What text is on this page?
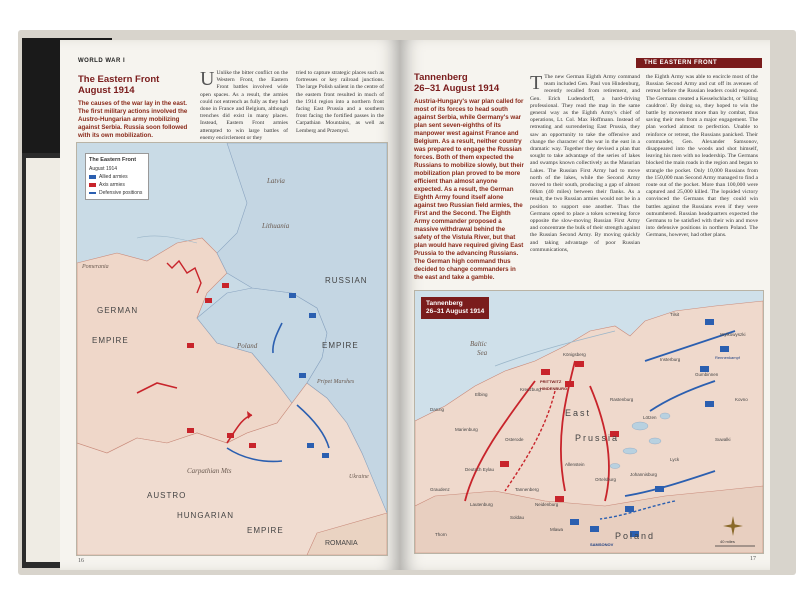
WORLD WAR I
The Eastern Front
August 1914
The causes of the war lay in the east. The first military actions involved the Austro-Hungarian army mobilizing against Serbia. Russia soon followed with its own mobilization.
U Unlike the bitter conflict on the Western Front, the Eastern Front battles involved wide open spaces. As a result, the armies could not entrench as fully as they had done in France and Belgium, although trenches did exist in many places. Instead, Eastern Front armies attempted to win large battles of enemy encirclement or they
tried to capture strategic places such as fortresses or key railroad junctions. The large Polish salient in the centre of the eastern front resulted in much of the 1914 region into a northern front facing East Prussia and a southern front facing the fortified passes in the Carpathian Mountains, as well as Lemberg and Przemysl.
Latvia
Lithuania
RUSSIAN
EMPIRE
Pomerania
GERMAN
EMPIRE
Poland
Pripet Marshes
Carpathian Mts
AUSTRO
HUNGARIAN
EMPIRE
Ukraine
ROMANIA
The Eastern Front
August 1914
Allied armies
Axis armies
Defensive positions
16
THE EASTERN FRONT
Tannenberg
26–31 August 1914
Austria-Hungary's war plan called for most of its forces to head south against Serbia, while Germany's war plan sent seven-eighths of its manpower west against France and Belgium. As a result, neither country was prepared to engage the Russian forces. Both of them expected the Russians to mobilize slowly, but their mobilization plan proved to be more efficient than almost anyone expected. As a result, the German Eighth Army found itself alone against two Russian field armies, the First and the Second. The Eighth Army commander proposed a massive withdrawal behind the safety of the Vistula River, but that plan would have required giving East Prussia to the advancing Russians. The German high command thus decided to change commanders in the east and take a gamble.
T The new German Eighth Army command team included Gen. Paul von Hindenburg, recently recalled from retirement, and Gen. Erich Ludendorff, a hard-driving professional. They read the map in the same general way as the Eighth Army's chief of operations, Lt. Col. Max Hoffmann. Instead of retreating and surrendering East Prussia, they saw an opportunity to take the offensive and change the character of the war in the east in a dramatic way. Together they devised a plan that sought to take advantage of the series of lakes and swamps known collectively as the Masurian Lakes. The Russian First Army had to move north of the lakes, while the Second Army moved to their south, producing a gap of almost 60km (40 miles) between their flanks. As a result, the two Russian armies would not be in a position to support one another. Thus the Germans opted to place a token screening force opposite the slow-moving Russian First Army and concentrate the bulk of their strength against the Russian Second Army. By moving quickly and taking advantage of poor Russian communications,
the Eighth Army was able to encircle most of the Russian Second Army and cut off its avenues of retreat before the Russian leaders could respond. The Germans created a Kesselschlacht, or 'killing cauldron'. By doing so, they hoped to win the battle by movement more than by combat, thus saving their men from a major engagement. The plan worked almost to perfection. Unable to reinforce or retreat, the Russians panicked. Their commander, Gen. Alexander Samsonov, disappeared into the woods and shot himself, leaving his men with no leadership. The Germans blocked the main roads in the region and began to strangle the pocket. Only 10,000 Russians from the 150,000 man Second Army managed to find a route out of the pocket. More than 100,000 were captured and 25,000 killed. The lopsided victory convinced the Germans that they could win battles against the Russians even if they were outnumbered. Russian headquarters expected the Germans to be satisfied with their win and move into defensive positions in northern Poland. The Germans, however, had other plans.
Baltic
Sea
East
Prussia
Poland
Königsberg
Tilsit
Insterburg
Gumbinnen
Lötzen
Allenstein
Tannenberg
Soldau
Mlawa
Elbing
Danzig
Graudenz
Thorn
Kreuzburg
Rastenburg
Neidenburg
Ortelsburg
Lyck
Suwalki
Kovno
Wylkowyszki
Marienburg
Osterode
Deutsch Eylau
Lautenburg
Johannisburg
PRITTWITZ
HINDENBURG
SAMSONOV
Rennenkampf
40 miles
Tannenberg
26–31 August 1914
17
